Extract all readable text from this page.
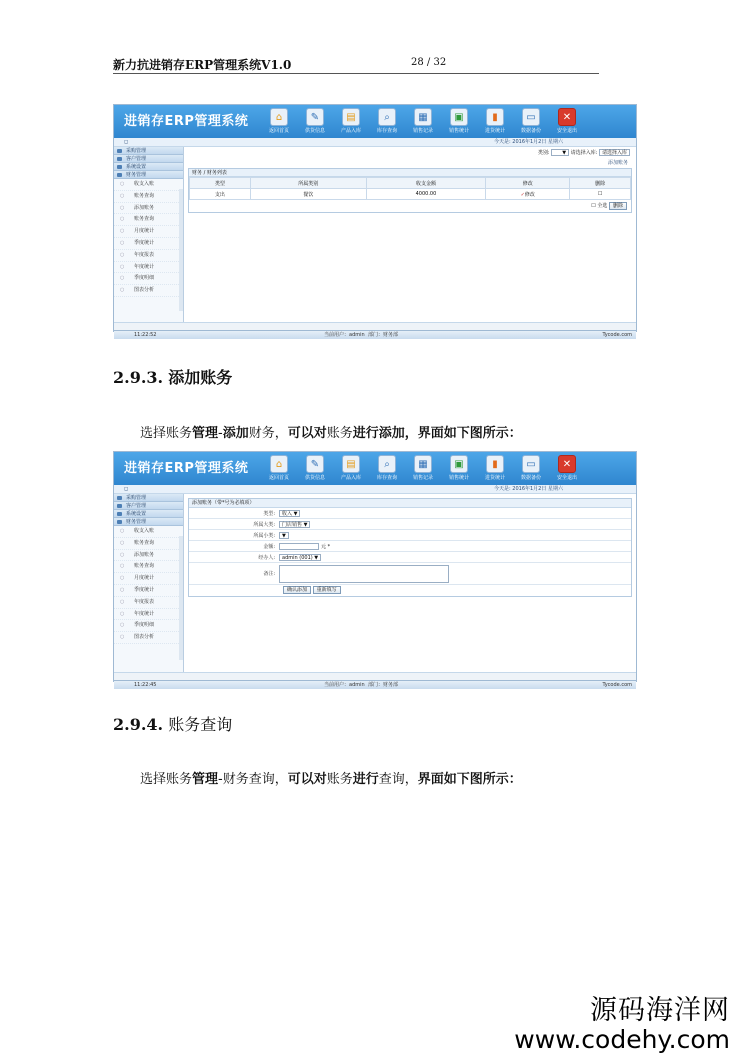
新力抗进销存ERP管理系统V1.0	28 / 32
进销存ERP管理系统	⌂
返回首页
✎
供货信息
▤
产品入库
⌕
库存查询
▦
销售记录
▣
销售统计
▮
进货统计
▭
数据备份
✕
安全退出
◻	今天是: 2016年1月2日 星期六
采购管理
客户管理
系统设置
财务管理
○ 收支入账
○ 账务查询
○ 添加账务
○ 账务查询
○ 月度统计
○ 季度统计
○ 年度报表
○ 年度统计
○ 季度明细
○ 图表分析
类别:	▼ 请选择入库: 请选择入库
添加账务
财务 / 财务列表
类型	所属类别	收支金额	修改	删除
支出	餐饮	4000.00	✓修改	☐
☐ 全选 删除
11:22:52	当前用户：admin 部门：财务部	Tycode.com
2.9.3. 添加账务
选择账务管理-添加财务，可以对账务进行添加，界面如下图所示：
进销存ERP管理系统	⌂
返回首页
✎
供货信息
▤
产品入库
⌕
库存查询
▦
销售记录
▣
销售统计
▮
进货统计
▭
数据备份
✕
安全退出
◻	今天是: 2016年1月2日 星期六
采购管理
客户管理
系统设置
财务管理
○ 收支入账
○ 账务查询
○ 添加账务
○ 账务查询
○ 月度统计
○ 季度统计
○ 年度报表
○ 年度统计
○ 季度明细
○ 图表分析
添加账务（带*号为必填项）
类型:	收入 ▼
所属大类:	门店销售 ▼
所属小类:	▼
金额:	元 *
经办人:	admin (001) ▼
备注:
确认添加 重新填写
11:22:45	当前用户：admin 部门：财务部	Tycode.com
2.9.4. 账务查询
选择账务管理-财务查询，可以对账务进行查询，界面如下图所示：
源码海洋网
www.codehy.com
